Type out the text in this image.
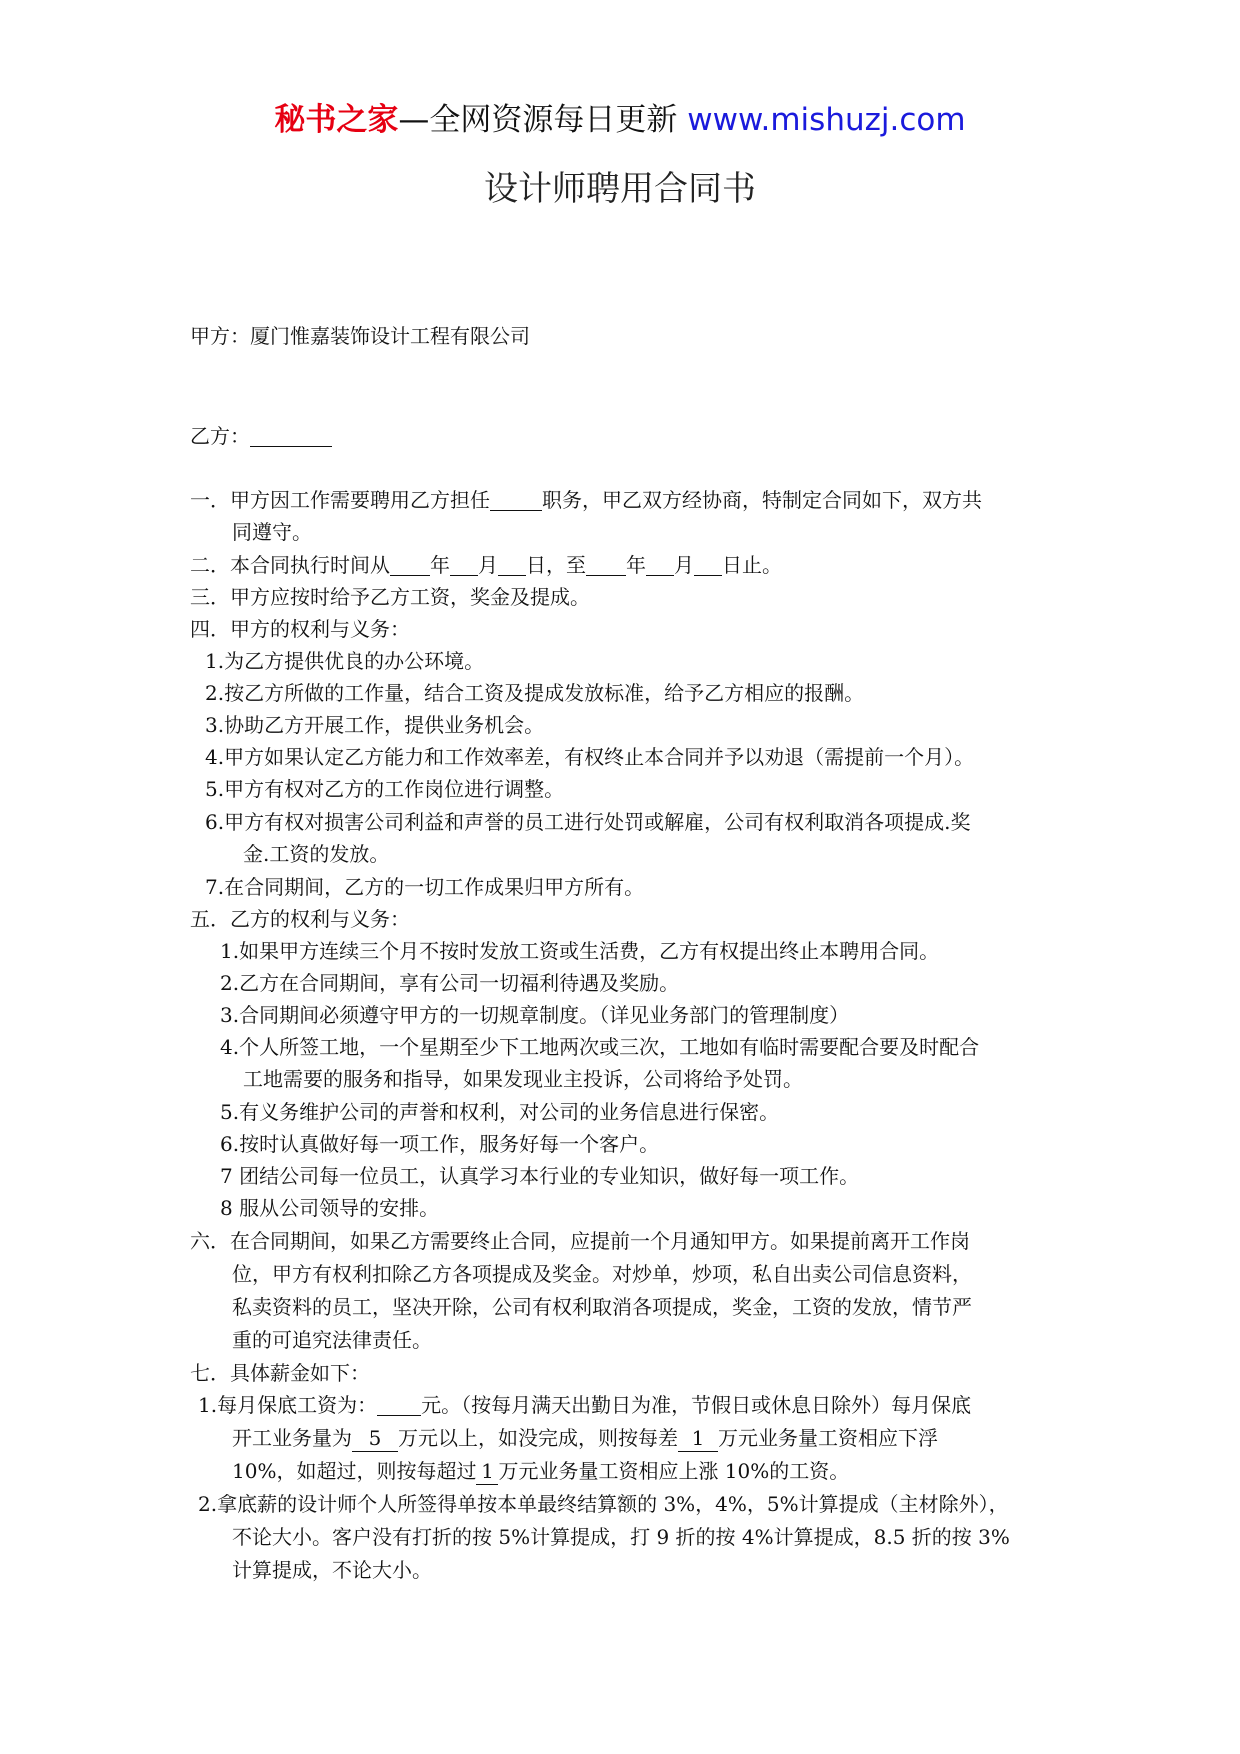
秘书之家—全网资源每日更新 www.mishuzj.com
设计师聘用合同书
甲方：厦门惟嘉装饰设计工程有限公司
乙方：
一．甲方因工作需要聘用乙方担任	职务，甲乙双方经协商，特制定合同如下，双方共
同遵守。
二．本合同执行时间从 年 月 日，至 年 月 日止。
三．甲方应按时给予乙方工资，奖金及提成。
四．甲方的权利与义务：
1.为乙方提供优良的办公环境。
2.按乙方所做的工作量，结合工资及提成发放标准，给予乙方相应的报酬。
3.协助乙方开展工作，提供业务机会。
4.甲方如果认定乙方能力和工作效率差，有权终止本合同并予以劝退（需提前一个月）。
5.甲方有权对乙方的工作岗位进行调整。
6.甲方有权对损害公司利益和声誉的员工进行处罚或解雇，公司有权利取消各项提成.奖
金.工资的发放。
7.在合同期间，乙方的一切工作成果归甲方所有。
五．乙方的权利与义务：
1.如果甲方连续三个月不按时发放工资或生活费，乙方有权提出终止本聘用合同。
2.乙方在合同期间，享有公司一切福利待遇及奖励。
3.合同期间必须遵守甲方的一切规章制度。（详见业务部门的管理制度）
4.个人所签工地，一个星期至少下工地两次或三次，工地如有临时需要配合要及时配合
工地需要的服务和指导，如果发现业主投诉，公司将给予处罚。
5.有义务维护公司的声誉和权利，对公司的业务信息进行保密。
6.按时认真做好每一项工作，服务好每一个客户。
7 团结公司每一位员工，认真学习本行业的专业知识，做好每一项工作。
8 服从公司领导的安排。
六．在合同期间，如果乙方需要终止合同，应提前一个月通知甲方。如果提前离开工作岗
位，甲方有权利扣除乙方各项提成及奖金。对炒单，炒项，私自出卖公司信息资料，
私卖资料的员工，坚决开除，公司有权利取消各项提成，奖金，工资的发放，情节严
重的可追究法律责任。
七．具体薪金如下：
1.每月保底工资为： 元。（按每月满天出勤日为准，节假日或休息日除外）每月保底
开工业务量为 5 万元以上，如没完成，则按每差 1 万元业务量工资相应下浮
10%，如超过，则按每超过 1 万元业务量工资相应上涨 10%的工资。
2.拿底薪的设计师个人所签得单按本单最终结算额的 3%，4%，5%计算提成（主材除外），
不论大小。客户没有打折的按 5%计算提成，打 9 折的按 4%计算提成，8.5 折的按 3%
计算提成，不论大小。
